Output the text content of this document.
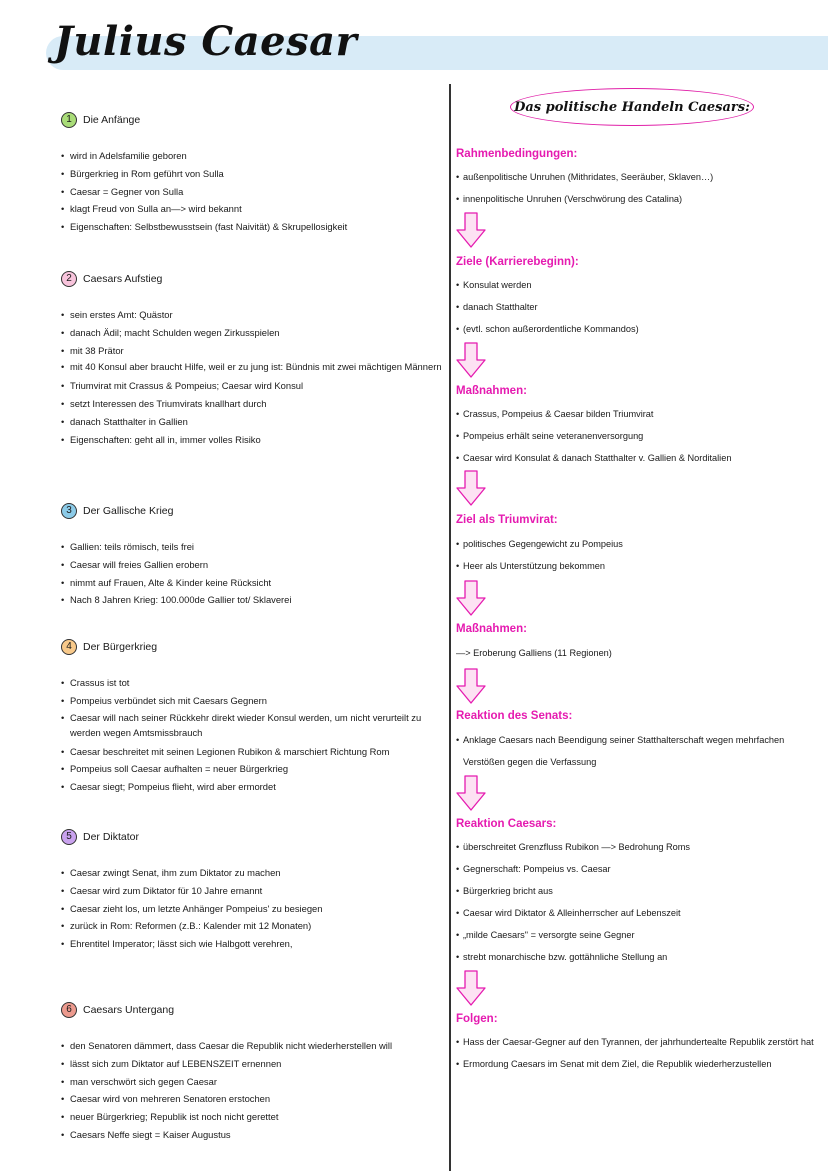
Julius Caesar
1	Die Anfänge
• wird in Adelsfamilie geboren
• Bürgerkrieg in Rom geführt von Sulla
• Caesar = Gegner von Sulla
• klagt Freud von Sulla an—> wird bekannt
• Eigenschaften: Selbstbewusstsein (fast Naivität) & Skrupellosigkeit
2	Caesars Aufstieg
• sein erstes Amt: Quästor
• danach Ädil; macht Schulden wegen Zirkusspielen
• mit 38 Prätor
• mit 40 Konsul aber braucht Hilfe, weil er zu jung ist: Bündnis mit zwei mächtigen Männern
• Triumvirat mit Crassus & Pompeius; Caesar wird Konsul
• setzt Interessen des Triumvirats knallhart durch
• danach Statthalter in Gallien
• Eigenschaften: geht all in, immer volles Risiko
3	Der Gallische Krieg
• Gallien: teils römisch, teils frei
• Caesar will freies Gallien erobern
• nimmt auf Frauen, Alte & Kinder keine Rücksicht
• Nach 8 Jahren Krieg: 100.000de Gallier tot/ Sklaverei
4	Der Bürgerkrieg
• Crassus ist tot
• Pompeius verbündet sich mit Caesars Gegnern
• Caesar will nach seiner Rückkehr direkt wieder Konsul werden, um nicht verurteilt zu werden wegen Amtsmissbrauch
• Caesar beschreitet mit seinen Legionen Rubikon & marschiert Richtung Rom
• Pompeius soll Caesar aufhalten = neuer Bürgerkrieg
• Caesar siegt; Pompeius flieht, wird aber ermordet
5	Der Diktator
• Caesar zwingt Senat, ihm zum Diktator zu machen
• Caesar wird zum Diktator für 10 Jahre ernannt
• Caesar zieht los, um letzte Anhänger Pompeius' zu besiegen
• zurück in Rom: Reformen (z.B.: Kalender mit 12 Monaten)
• Ehrentitel Imperator; lässt sich wie Halbgott verehren,
6	Caesars Untergang
• den Senatoren dämmert, dass Caesar die Republik nicht wiederherstellen will
• lässt sich zum Diktator auf LEBENSZEIT ernennen
• man verschwört sich gegen Caesar
• Caesar wird von mehreren Senatoren erstochen
• neuer Bürgerkrieg; Republik ist noch nicht gerettet
• Caesars Neffe siegt = Kaiser Augustus
Das politische Handeln Caesars:
Rahmenbedingungen:
• außenpolitische Unruhen (Mithridates, Seeräuber, Sklaven…)
• innenpolitische Unruhen (Verschwörung des Catalina)
Ziele (Karrierebeginn):
• Konsulat werden
• danach Statthalter
• (evtl. schon außerordentliche Kommandos)
Maßnahmen:
• Crassus, Pompeius & Caesar bilden Triumvirat
• Pompeius erhält seine veteranenversorgung
• Caesar wird Konsulat & danach Statthalter v. Gallien & Norditalien
Ziel als Triumvirat:
• politisches Gegengewicht zu Pompeius
• Heer als Unterstützung bekommen
Maßnahmen:
—> Eroberung Galliens (11 Regionen)
Reaktion des Senats:
• Anklage Caesars nach Beendigung seiner Statthalterschaft wegen mehrfachen Verstößen gegen die Verfassung
Reaktion Caesars:
• überschreitet Grenzfluss Rubikon —> Bedrohung Roms
• Gegnerschaft: Pompeius vs. Caesar
• Bürgerkrieg bricht aus
• Caesar wird Diktator & Alleinherrscher auf Lebenszeit
• „milde Caesars" = versorgte seine Gegner
• strebt monarchische bzw. gottähnliche Stellung an
Folgen:
• Hass der Caesar-Gegner auf den Tyrannen, der jahrhundertealte Republik zerstört hat
• Ermordung Caesars im Senat mit dem Ziel, die Republik wiederherzustellen
